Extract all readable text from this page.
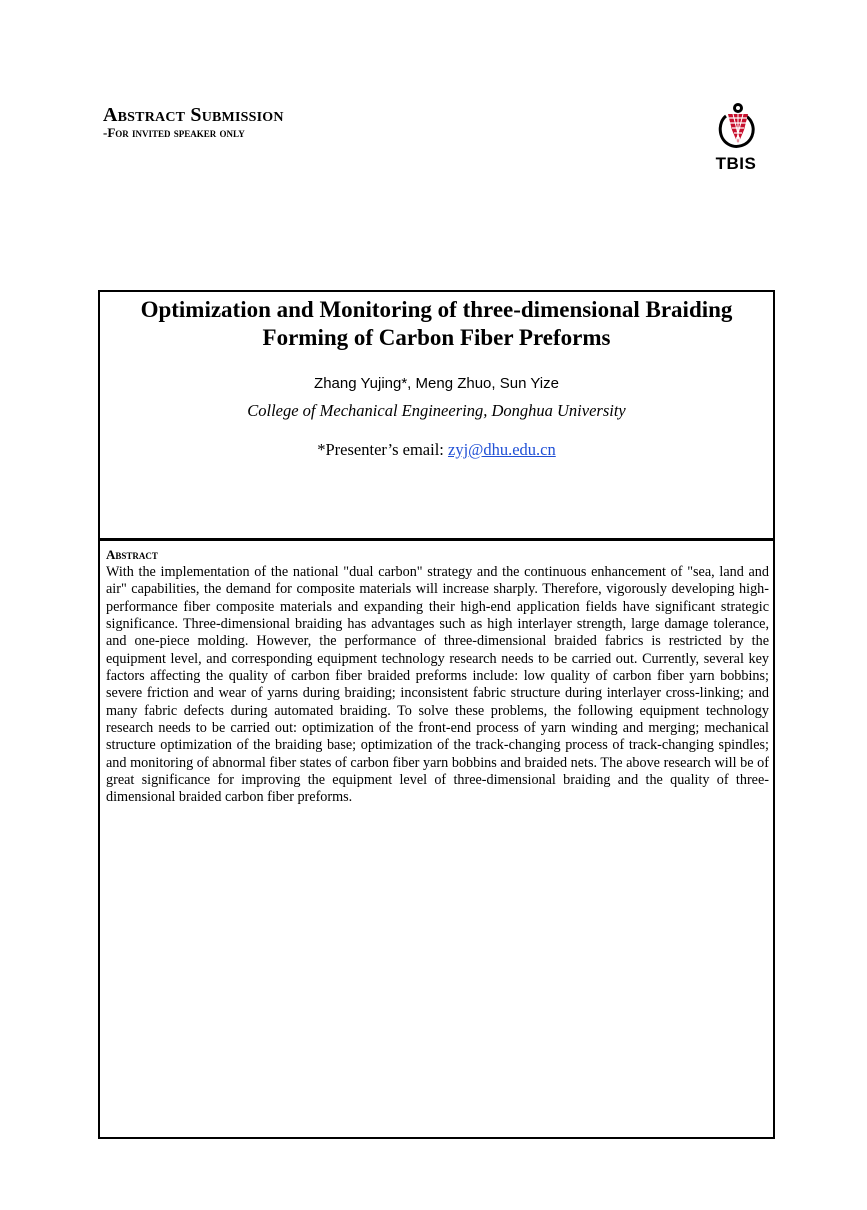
Abstract Submission
-For invited speaker only
TBIS
Optimization and Monitoring of three-dimensional Braiding Forming of Carbon Fiber Preforms
Zhang Yujing*, Meng Zhuo, Sun Yize
College of Mechanical Engineering, Donghua University
*Presenter’s email: zyj@dhu.edu.cn
Abstract
With the implementation of the national "dual carbon" strategy and the continuous enhancement of "sea, land and air" capabilities, the demand for composite materials will increase sharply. Therefore, vigorously developing high-performance fiber composite materials and expanding their high-end application fields have significant strategic significance. Three-dimensional braiding has advantages such as high interlayer strength, large damage tolerance, and one-piece molding. However, the performance of three-dimensional braided fabrics is restricted by the equipment level, and corresponding equipment technology research needs to be carried out. Currently, several key factors affecting the quality of carbon fiber braided preforms include: low quality of carbon fiber yarn bobbins; severe friction and wear of yarns during braiding; inconsistent fabric structure during interlayer cross-linking; and many fabric defects during automated braiding. To solve these problems, the following equipment technology research needs to be carried out: optimization of the front-end process of yarn winding and merging; mechanical structure optimization of the braiding base; optimization of the track-changing process of track-changing spindles; and monitoring of abnormal fiber states of carbon fiber yarn bobbins and braided nets. The above research will be of great significance for improving the equipment level of three-dimensional braiding and the quality of three-dimensional braided carbon fiber preforms.
